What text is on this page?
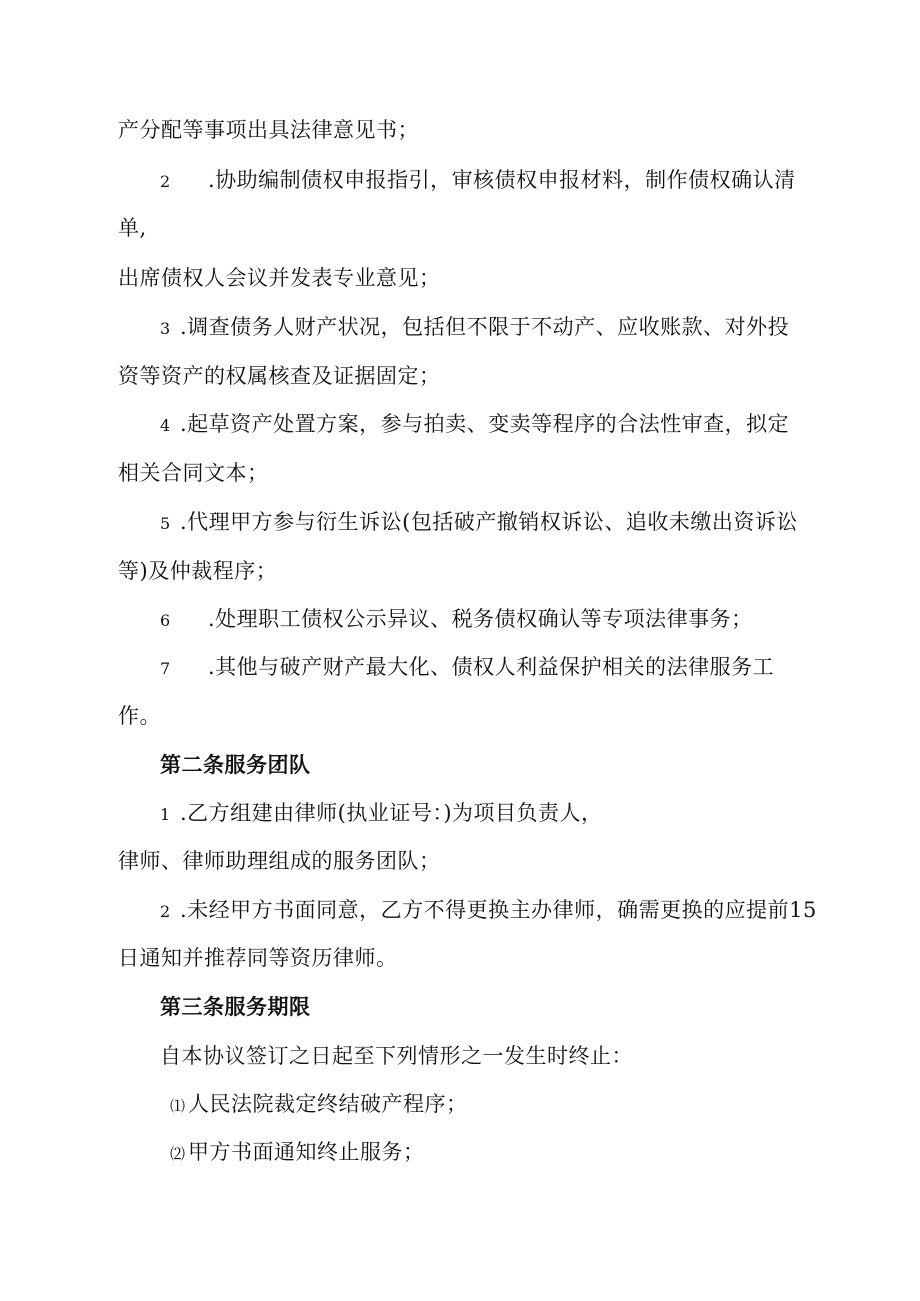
产分配等事项出具法律意见书；
2 .协助编制债权申报指引，审核债权申报材料，制作债权确认清
单,
出席债权人会议并发表专业意见；
3 .调查债务人财产状况，包括但不限于不动产、应收账款、对外投
资等资产的权属核查及证据固定；
4 .起草资产处置方案，参与拍卖、变卖等程序的合法性审查，拟定
相关合同文本；
5 .代理甲方参与衍生诉讼(包括破产撤销权诉讼、追收未缴出资诉讼
等)及仲裁程序；
6 .处理职工债权公示异议、税务债权确认等专项法律事务；
7 .其他与破产财产最大化、债权人利益保护相关的法律服务工
作。
第二条服务团队
1 .乙方组建由律师(执业证号：)为项目负责人，
律师、律师助理组成的服务团队；
2 .未经甲方书面同意，乙方不得更换主办律师，确需更换的应提前15
日通知并推荐同等资历律师。
第三条服务期限
自本协议签订之日起至下列情形之一发生时终止：
⑴ 人民法院裁定终结破产程序；
⑵ 甲方书面通知终止服务；
